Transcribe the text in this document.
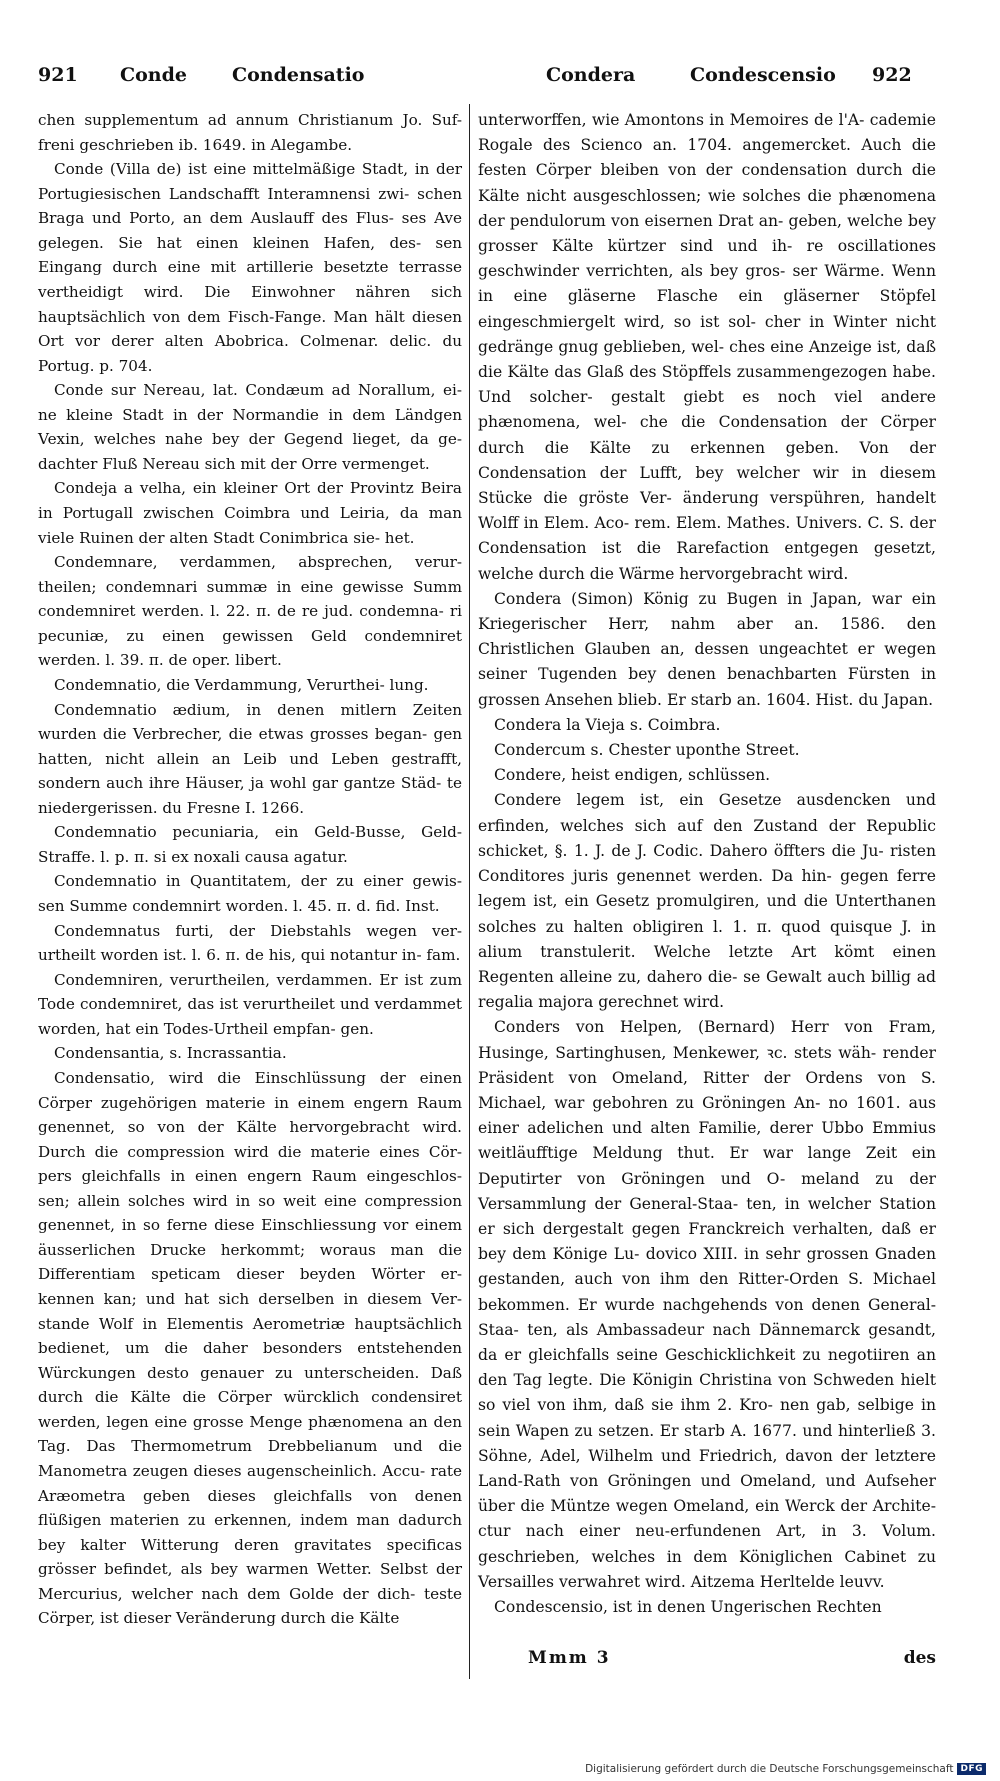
921 Conde Condensatio	Condera	Condescensio 922

chen supplementum ad annum Christianum Jo. Suf- freni geschrieben ib. 1649. in Alegambe.

Conde (Villa de) ist eine mittelmäßige Stadt, in der Portugiesischen Landschafft Interamnensi zwi- schen Braga und Porto, an dem Auslauff des Flus- ses Ave gelegen. Sie hat einen kleinen Hafen, des- sen Eingang durch eine mit artillerie besetzte terrasse vertheidigt wird. Die Einwohner nähren sich hauptsächlich von dem Fisch-Fange. Man hält diesen Ort vor derer alten Abobrica. Colmenar. delic. du Portug. p. 704.

Conde sur Nereau, lat. Condæum ad Norallum, ei- ne kleine Stadt in der Normandie in dem Ländgen Vexin, welches nahe bey der Gegend lieget, da ge- dachter Fluß Nereau sich mit der Orre vermenget.

Condeja a velha, ein kleiner Ort der Provintz Beira in Portugall zwischen Coimbra und Leiria, da man viele Ruinen der alten Stadt Conimbrica sie- het.

Condemnare, verdammen, absprechen, verur- theilen; condemnari summæ in eine gewisse Summ condemniret werden. l. 22. π. de re jud. condemna- ri pecuniæ, zu einen gewissen Geld condemniret werden. l. 39. π. de oper. libert.

Condemnatio, die Verdammung, Verurthei- lung.

Condemnatio ædium, in denen mitlern Zeiten wurden die Verbrecher, die etwas grosses began- gen hatten, nicht allein an Leib und Leben gestrafft, sondern auch ihre Häuser, ja wohl gar gantze Städ- te niedergerissen. du Fresne I. 1266.

Condemnatio pecuniaria, ein Geld-Busse, Geld- Straffe. l. p. π. si ex noxali causa agatur.

Condemnatio in Quantitatem, der zu einer gewis- sen Summe condemnirt worden. l. 45. π. d. fid. Inst.

Condemnatus furti, der Diebstahls wegen ver- urtheilt worden ist. l. 6. π. de his, qui notantur in- fam.

Condemniren, verurtheilen, verdammen. Er ist zum Tode condemniret, das ist verurtheilet und verdammet worden, hat ein Todes-Urtheil empfan- gen.

Condensantia, s. Incrassantia.

Condensatio, wird die Einschlüssung der einen Cörper zugehörigen materie in einem engern Raum genennet, so von der Kälte hervorgebracht wird. Durch die compression wird die materie eines Cör- pers gleichfalls in einen engern Raum eingeschlos- sen; allein solches wird in so weit eine compression genennet, in so ferne diese Einschliessung vor einem äusserlichen Drucke herkommt; woraus man die Differentiam speticam dieser beyden Wörter er- kennen kan; und hat sich derselben in diesem Ver- stande Wolf in Elementis Aerometriæ hauptsächlich bedienet, um die daher besonders entstehenden Würckungen desto genauer zu unterscheiden. Daß durch die Kälte die Cörper würcklich condensiret werden, legen eine grosse Menge phænomena an den Tag. Das Thermometrum Drebbelianum und die Manometra zeugen dieses augenscheinlich. Accu- rate Aræometra geben dieses gleichfalls von denen flüßigen materien zu erkennen, indem man dadurch bey kalter Witterung deren gravitates specificas grösser befindet, als bey warmen Wetter. Selbst der Mercurius, welcher nach dem Golde der dich- teste Cörper, ist dieser Veränderung durch die Kälte

unterworffen, wie Amontons in Memoires de l'A- cademie Rogale des Scienco an. 1704. angemercket. Auch die festen Cörper bleiben von der condensation durch die Kälte nicht ausgeschlossen; wie solches die phænomena der pendulorum von eisernen Drat an- geben, welche bey grosser Kälte kürtzer sind und ih- re oscillationes geschwinder verrichten, als bey gros- ser Wärme. Wenn in eine gläserne Flasche ein gläserner Stöpfel eingeschmiergelt wird, so ist sol- cher in Winter nicht gedränge gnug geblieben, wel- ches eine Anzeige ist, daß die Kälte das Glaß des Stöpffels zusammengezogen habe. Und solcher- gestalt giebt es noch viel andere phænomena, wel- che die Condensation der Cörper durch die Kälte zu erkennen geben. Von der Condensation der Lufft, bey welcher wir in diesem Stücke die gröste Ver- änderung verspühren, handelt Wolff in Elem. Aco- rem. Elem. Mathes. Univers. C. S. der Condensation ist die Rarefaction entgegen gesetzt, welche durch die Wärme hervorgebracht wird.

Condera (Simon) König zu Bugen in Japan, war ein Kriegerischer Herr, nahm aber an. 1586. den Christlichen Glauben an, dessen ungeachtet er wegen seiner Tugenden bey denen benachbarten Fürsten in grossen Ansehen blieb. Er starb an. 1604. Hist. du Japan.

Condera la Vieja s. Coimbra.

Condercum s. Chester uponthe Street.

Condere, heist endigen, schlüssen.

Condere legem ist, ein Gesetze ausdencken und erfinden, welches sich auf den Zustand der Republic schicket, §. 1. J. de J. Codic. Dahero öffters die Ju- risten Conditores juris genennet werden. Da hin- gegen ferre legem ist, ein Gesetz promulgiren, und die Unterthanen solches zu halten obligiren l. 1. π. quod quisque J. in alium transtulerit. Welche letzte Art kömt einen Regenten alleine zu, dahero die- se Gewalt auch billig ad regalia majora gerechnet wird.

Conders von Helpen, (Bernard) Herr von Fram, Husinge, Sartinghusen, Menkewer, ꝛc. stets wäh- render Präsident von Omeland, Ritter der Ordens von S. Michael, war gebohren zu Gröningen An- no 1601. aus einer adelichen und alten Familie, derer Ubbo Emmius weitläufftige Meldung thut. Er war lange Zeit ein Deputirter von Gröningen und O- meland zu der Versammlung der General-Staa- ten, in welcher Station er sich dergestalt gegen Franckreich verhalten, daß er bey dem Könige Lu- dovico XIII. in sehr grossen Gnaden gestanden, auch von ihm den Ritter-Orden S. Michael bekommen. Er wurde nachgehends von denen General-Staa- ten, als Ambassadeur nach Dännemarck gesandt, da er gleichfalls seine Geschicklichkeit zu negotiiren an den Tag legte. Die Königin Christina von Schweden hielt so viel von ihm, daß sie ihm 2. Kro- nen gab, selbige in sein Wapen zu setzen. Er starb A. 1677. und hinterließ 3. Söhne, Adel, Wilhelm und Friedrich, davon der letztere Land-Rath von Gröningen und Omeland, und Aufseher über die Müntze wegen Omeland, ein Werck der Archite- ctur nach einer neu-erfundenen Art, in 3. Volum. geschrieben, welches in dem Königlichen Cabinet zu Versailles verwahret wird. Aitzema Herltelde leuvv.

Condescensio, ist in denen Ungerischen Rechten

Mmm 3	des
Digitalisierung gefördert durch die Deutsche Forschungsgemeinschaft DFG
